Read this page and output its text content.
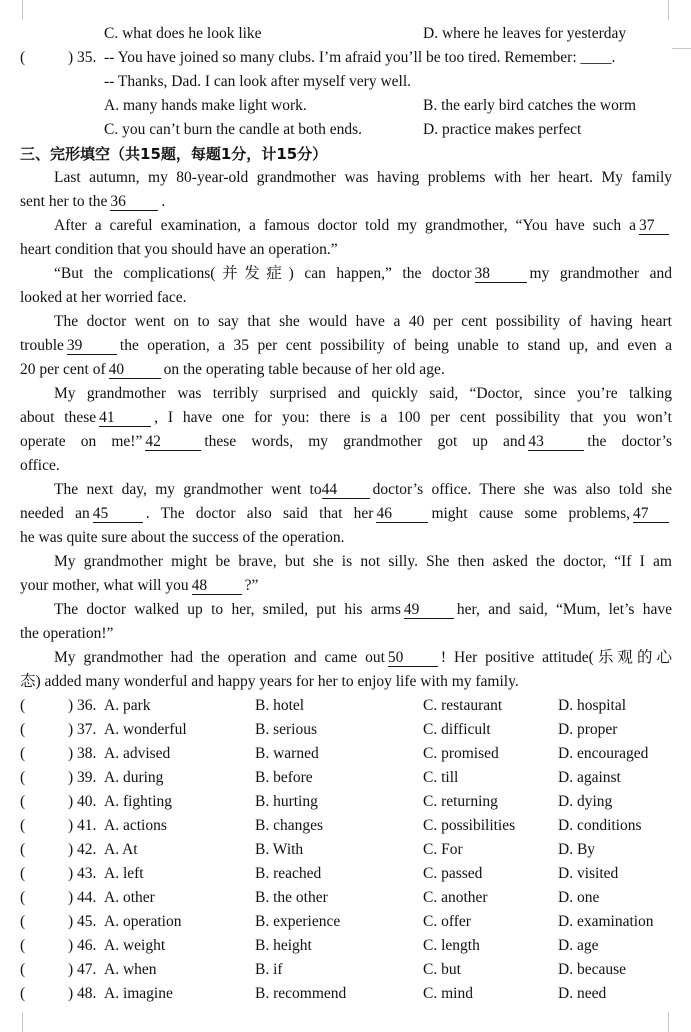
C. what does he look like	D. where he leaves for yesterday
(	) 35. -- You have joined so many clubs. I’m afraid you’ll be too tired. Remember: ____.
-- Thanks, Dad. I can look after myself very well.
A. many hands make light work.	B. the early bird catches the worm
C. you can’t burn the candle at both ends.	D. practice makes perfect
三、完形填空（共15题，每题1分，计15分）
Last autumn, my 80-year-old grandmother was having problems with her heart. My family
sent her to the 36 .
After a careful examination, a famous doctor told my grandmother, “You have such a 37
heart condition that you should have an operation.”
“But the complications(并发症) can happen,” the doctor 38	my grandmother and
looked at her worried face.
The doctor went on to say that she would have a 40 per cent possibility of having heart
trouble 39 the operation, a 35 per cent possibility of being unable to stand up, and even a
20 per cent of 40	on the operating table because of her old age.
My grandmother was terribly surprised and quickly said, “Doctor, since you’re talking
about these 41	, I have one for you: there is a 100 per cent possibility that you won’t
operate on me!” 42	these words, my grandmother got up and 43	the doctor’s
office.
The next day, my grandmother went to44 doctor’s office. There she was also told she
needed an 45 . The doctor also said that her 46	might cause some problems, 47
he was quite sure about the success of the operation.
My grandmother might be brave, but she is not silly. She then asked the doctor, “If I am
your mother, what will you 48 ?”
The doctor walked up to her, smiled, put his arms 49 her, and said, “Mum, let’s have
the operation!”
My grandmother had the operation and came out 50 ! Her positive attitude(乐观的心
态) added many wonderful and happy years for her to enjoy life with my family.
(	) 36. A. park	B. hotel	C. restaurant	D. hospital
(	) 37. A. wonderful	B. serious	C. difficult	D. proper
(	) 38. A. advised	B. warned	C. promised	D. encouraged
(	) 39. A. during	B. before	C. till	D. against
(	) 40. A. fighting	B. hurting	C. returning	D. dying
(	) 41. A. actions	B. changes	C. possibilities	D. conditions
(	) 42. A. At	B. With	C. For	D. By
(	) 43. A. left	B. reached	C. passed	D. visited
(	) 44. A. other	B. the other	C. another	D. one
(	) 45. A. operation	B. experience	C. offer	D. examination
(	) 46. A. weight	B. height	C. length	D. age
(	) 47. A. when	B. if	C. but	D. because
(	) 48. A. imagine	B. recommend	C. mind	D. need
